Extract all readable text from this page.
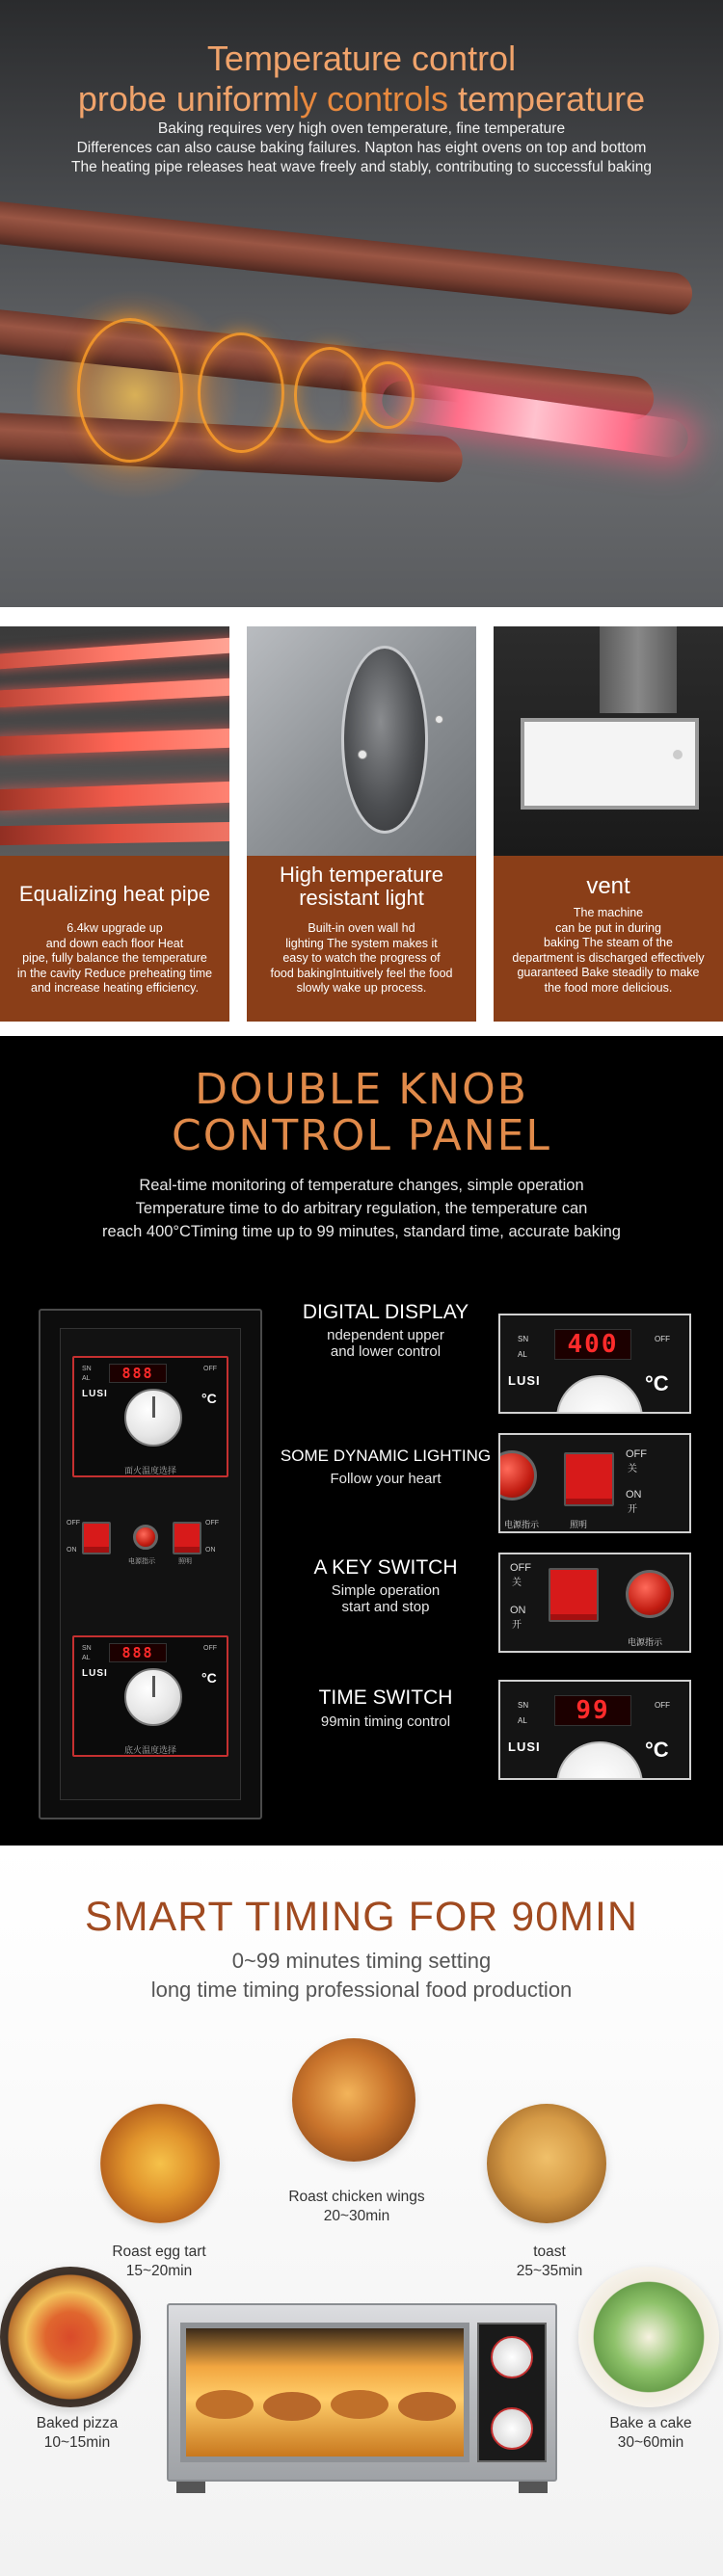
Temperature control
probe uniformly controls temperature
Baking requires very high oven temperature, fine temperature
Differences can also cause baking failures. Napton has eight ovens on top and bottom
The heating pipe releases heat wave freely and stably, contributing to successful baking
Equalizing heat pipe
6.4kw upgrade up
and down each floor Heat
pipe, fully balance the temperature
in the cavity Reduce preheating time
and increase heating efficiency.
High temperature
resistant light
Built-in oven wall hd
lighting The system makes it
easy to watch the progress of
food bakingIntuitively feel the food
slowly wake up process.
vent
The machine
can be put in during
baking The steam of the
department is discharged effectively
guaranteed Bake steadily to make
the food more delicious.
DOUBLE KNOB
CONTROL PANEL
Real-time monitoring of temperature changes, simple operation
Temperature time to do arbitrary regulation, the temperature can
reach 400°CTiming time up to 99 minutes, standard time, accurate baking
888
SN
AL
OFF
LUSI	°C
面火温度选择
OFF
ON
电源指示
OFF
ON
照明
888
SN
AL
OFF
LUSI	°C
底火温度选择
DIGITAL DISPLAY
ndependent upper
and lower control
SN
AL	400	OFF
LUSI	°C
SOME DYNAMIC LIGHTING
Follow your heart
OFF
关
ON
开
电源指示	照明
A KEY SWITCH
Simple operation
start and stop
OFF
关
ON
开
电源指示
TIME SWITCH
99min timing control
SN
AL	99	OFF
LUSI	°C
SMART TIMING FOR 90MIN
0~99 minutes timing setting
long time timing professional food production
Roast chicken wings
20~30min
Roast egg tart
15~20min
toast
25~35min
Baked pizza
10~15min
Bake a cake
30~60min
